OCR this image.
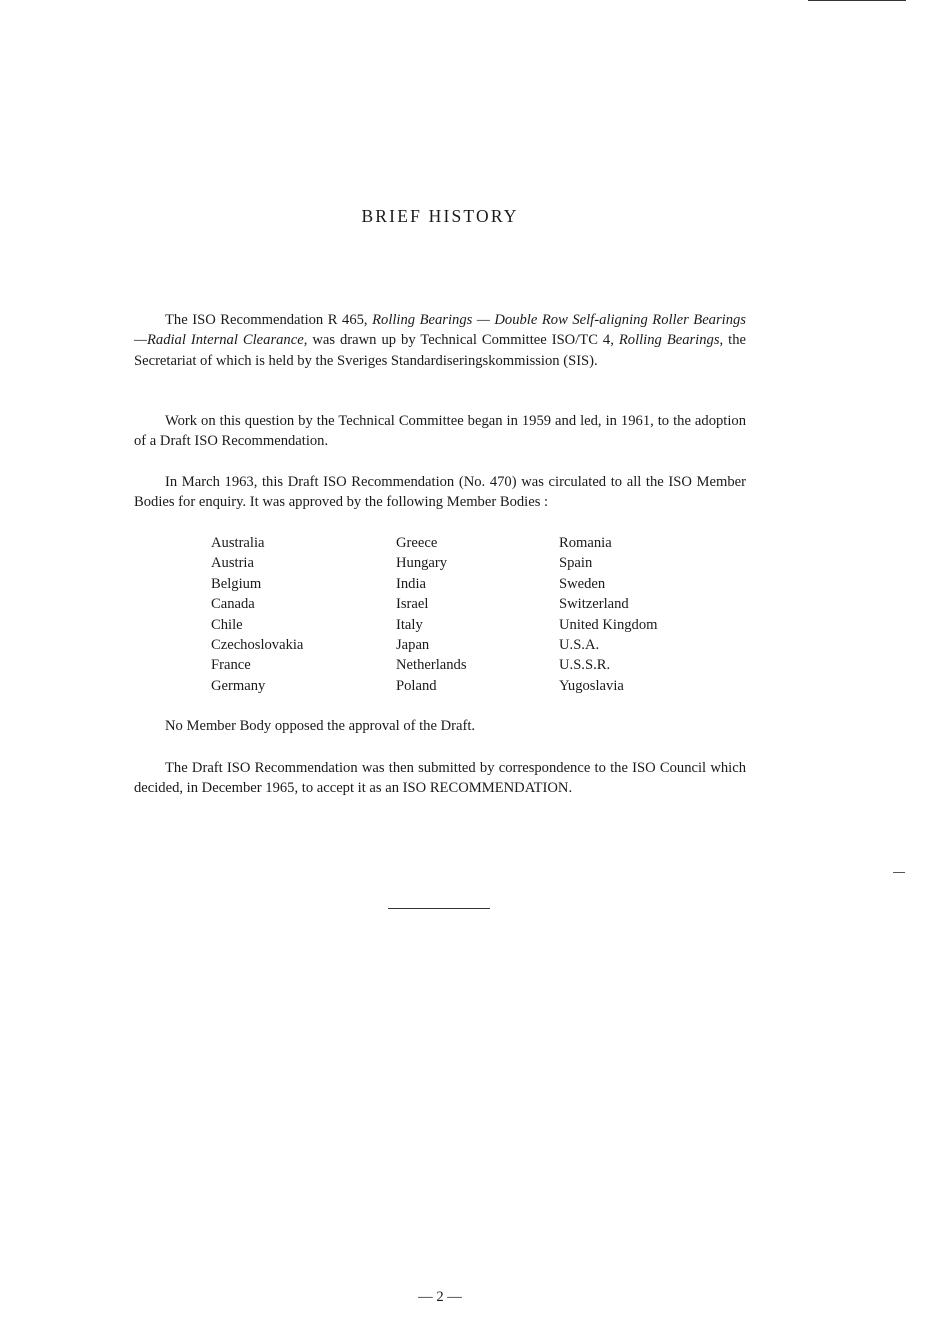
BRIEF HISTORY

The ISO Recommendation R 465, Rolling Bearings — Double Row Self-aligning Roller Bearings—Radial Internal Clearance, was drawn up by Technical Committee ISO/TC 4, Rolling Bearings, the Secretariat of which is held by the Sveriges Standardiseringskommission (SIS).

Work on this question by the Technical Committee began in 1959 and led, in 1961, to the adoption of a Draft ISO Recommendation.

In March 1963, this Draft ISO Recommendation (No. 470) was circulated to all the ISO Member Bodies for enquiry. It was approved by the following Member Bodies :

Australia
Austria
Belgium
Canada
Chile
Czechoslovakia
France
Germany
Greece
Hungary
India
Israel
Italy
Japan
Netherlands
Poland
Romania
Spain
Sweden
Switzerland
United Kingdom
U.S.A.
U.S.S.R.
Yugoslavia

No Member Body opposed the approval of the Draft.

The Draft ISO Recommendation was then submitted by correspondence to the ISO Council which decided, in December 1965, to accept it as an ISO RECOMMENDATION.

— 2 —
